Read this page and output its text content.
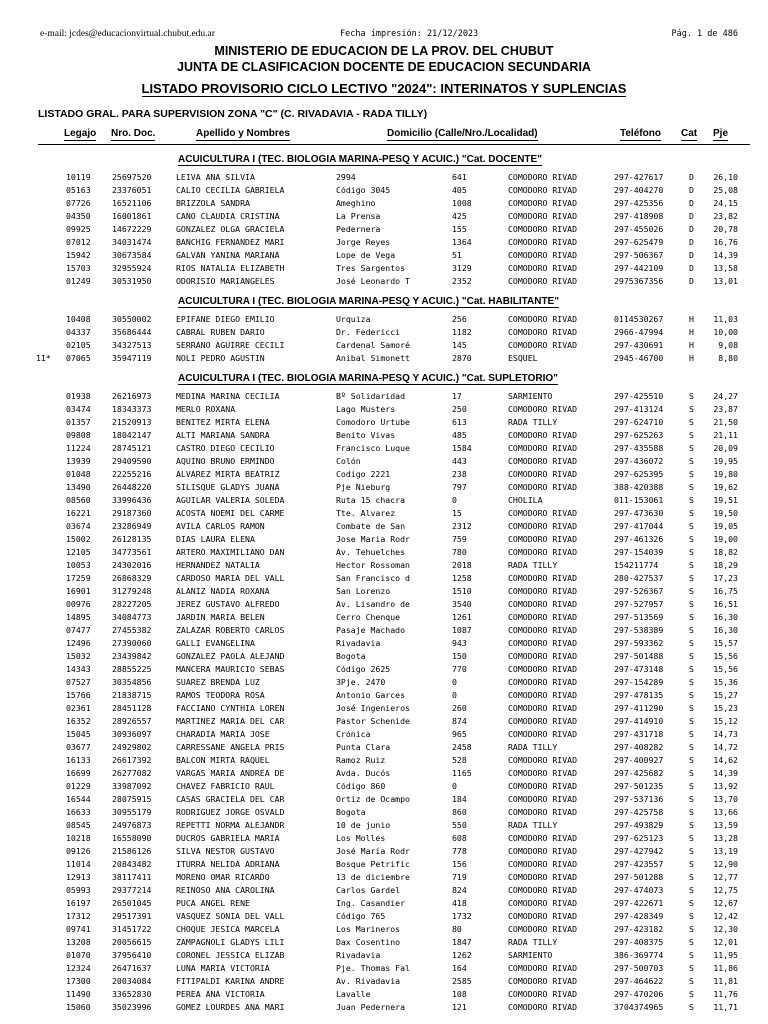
e-mail: jcdes@educacionvirtual.chubut.edu.ar	Fecha impresión: 21/12/2023	Pág. 1 de 486
MINISTERIO DE EDUCACION DE LA PROV. DEL CHUBUT
JUNTA DE CLASIFICACION DOCENTE DE EDUCACION SECUNDARIA
LISTADO PROVISORIO CICLO LECTIVO "2024": INTERINATOS Y SUPLENCIAS
LISTADO GRAL. PARA SUPERVISION ZONA "C" (C. RIVADAVIA - RADA TILLY)
Legajo Nro. Doc.	Apellido y Nombres	Domicilio (Calle/Nro./Localidad)	Teléfono Cat Pje
ACUICULTURA I (TEC. BIOLOGIA MARINA-PESQ Y ACUIC.) "Cat. DOCENTE"
10119	25697520	LEIVA ANA SILVIA	2994	641	COMODORO RIVAD	297-427617	D	26,10
05163	23376051	CALIO CECILIA GABRIELA	Código 3045	405	COMODORO RIVAD	297-404270	D	25,08
07726	16521106	BRIZZOLA SANDRA	Ameghino	1008	COMODORO RIVAD	297-425356	D	24,15
04350	16001861	CANO CLAUDIA CRISTINA	La Prensa	425	COMODORO RIVAD	297-418908	D	23,82
09925	14672229	GONZALEZ OLGA GRACIELA	Pedernera	155	COMODORO RIVAD	297-455026	D	20,78
07012	34031474	BANCHIG FERNANDEZ MARI	Jorge Reyes	1364	COMODORO RIVAD	297-625479	D	16,76
15942	30673584	GALVAN YANINA MARIANA	Lope de Vega	51	COMODORO RIVAD	297-506367	D	14,39
15703	32955924	RIOS NATALIA ELIZABETH	Tres Sargentos	3129	COMODORO RIVAD	297-442109	D	13,58
01249	30531950	ODORISIO MARIANGELES	José Leonardo T	2352	COMODORO RIVAD	2975367356	D	13,01
ACUICULTURA I (TEC. BIOLOGIA MARINA-PESQ Y ACUIC.) "Cat. HABILITANTE"
10408	30550002	EPIFANE DIEGO EMILIO	Urquiza	256	COMODORO RIVAD	0114530267	H	11,03
04337	35686444	CABRAL RUBEN DARIO	Dr. Federicci	1182	COMODORO RIVAD	2966-47994	H	10,00
02105	34327513	SERRANO AGUIRRE CECILI	Cardenal Samoré	145	COMODORO RIVAD	297-430691	H	9,08
11* 07065	35947119	NOLI PEDRO AGUSTIN	Anibal Simonett	2870	ESQUEL	2945-46700	H	8,80
ACUICULTURA I (TEC. BIOLOGIA MARINA-PESQ Y ACUIC.) "Cat. SUPLETORIO"
01938	26216973	MEDINA MARINA CECILIA	Bº Solidaridad	17	SARMIENTO	297-425510	S	24,27
03474	18343373	MERLO ROXANA	Lago Musters	250	COMODORO RIVAD	297-413124	S	23,87
01357	21520913	BENITEZ MIRTA ELENA	Comodoro Urtube	613	RADA TILLY	297-624710	S	21,50
09808	18042147	ALTI MARIANA SANDRA	Benito Vivas	485	COMODORO RIVAD	297-625263	S	21,11
11224	28745121	CASTRO DIEGO CECILIO	Francisco Luque	1584	COMODORO RIVAD	297-435588	S	20,09
13939	29409590	AQUINO BRUNO ERMINDO	Colón	443	COMODORO RIVAD	297-436072	S	19,95
01048	22255216	ALVAREZ MIRTA BEATRIZ	Codigo 2221	238	COMODORO RIVAD	297-625395	S	19,80
13490	26448220	SILISQUE GLADYS JUANA	Pje Nieburg	797	COMODORO RIVAD	388-420388	S	19,62
08560	33996436	AGUILAR VALERIA SOLEDA	Ruta 15 chacra	0	CHOLILA	011-153061	S	19,51
16221	29187360	ACOSTA NOEMI DEL CARME	Tte. Alvarez	15	COMODORO RIVAD	297-473630	S	19,50
03674	23286949	AVILA CARLOS RAMON	Combate de San	2312	COMODORO RIVAD	297-417044	S	19,05
15002	26128135	DIAS LAURA ELENA	Jose Maria Rodr	759	COMODORO RIVAD	297-461326	S	19,00
12105	34773561	ARTERO MAXIMILIANO DAN	Av. Tehuelches	780	COMODORO RIVAD	297-154039	S	18,82
10053	24302016	HERNANDEZ NATALIA	Hector Rossoman	2018	RADA TILLY	154211774	S	18,29
17259	26868329	CARDOSO MARIA DEL VALL	San Francisco d	1258	COMODORO RIVAD	280-427537	S	17,23
16901	31279248	ALANIZ NADIA ROXANA	San Lorenzo	1510	COMODORO RIVAD	297-526367	S	16,75
00976	28227205	JEREZ GUSTAVO ALFREDO	Av. Lisandro de	3540	COMODORO RIVAD	297-527957	S	16,51
14895	34084773	JARDIN MARIA BELEN	Cerro Chenque	1261	COMODORO RIVAD	297-513569	S	16,30
07477	27455382	ZALAZAR ROBERTO CARLOS	Pasaje Machado	1087	COMODORO RIVAD	297-538389	S	16,30
12496	27390060	GALLI EVANGELINA	Rivadavia	943	COMODORO RIVAD	297-593362	S	15,57
15032	23439842	GONZALEZ PAOLA ALEJAND	Bogota	150	COMODORO RIVAD	297-501488	S	15,56
14343	28855225	MANCERA MAURICIO SEBAS	Código 2625	770	COMODORO RIVAD	297-473148	S	15,56
07527	30354856	SUAREZ BRENDA LUZ	3Pje. 2470	0	COMODORO RIVAD	297-154289	S	15,36
15766	21838715	RAMOS TEODORA ROSA	Antonio Garces	0	COMODORO RIVAD	297-478135	S	15,27
02361	28451128	FACCIANO CYNTHIA LOREN	José Ingenieros	260	COMODORO RIVAD	297-411290	S	15,23
16352	28926557	MARTINEZ MARIA DEL CAR	Pastor Schenide	874	COMODORO RIVAD	297-414910	S	15,12
15045	30936097	CHARADIA MARIA JOSE	Crónica	965	COMODORO RIVAD	297-431718	S	14,73
03677	24929802	CARRESSANE ANGELA PRIS	Punta Clara	2458	RADA TILLY	297-408282	S	14,72
16133	26617392	BALCON MIRTA RAQUEL	Ramoz Ruiz	528	COMODORO RIVAD	297-400927	S	14,62
16699	26277082	VARGAS MARIA ANDREA DE	Avda. Ducós	1165	COMODORO RIVAD	297-425682	S	14,39
01229	33987092	CHAVEZ FABRICIO RAUL	Código 860	0	COMODORO RIVAD	297-501235	S	13,92
16544	28075915	CASAS GRACIELA DEL CAR	Ortiz de Ocampo	184	COMODORO RIVAD	297-537136	S	13,70
16633	30955179	RODRIGUEZ JORGE OSVALD	Bogota	860	COMODORO RIVAD	297-425758	S	13,66
08545	24976873	REPETTI NORMA ALEJANDR	10 de junio	550	RADA TILLY	297-493829	S	13,59
10218	16558090	DUCROS GABRIELA MARIA	Los Molles	608	COMODORO RIVAD	297-625123	S	13,28
09126	21586126	SILVA NESTOR GUSTAVO	José María Rodr	778	COMODORO RIVAD	297-427942	S	13,19
11014	20843482	ITURRA NELIDA ADRIANA	Bosque Petrific	156	COMODORO RIVAD	297-423557	S	12,90
12913	38117411	MORENO OMAR RICARDO	13 de diciembre	719	COMODORO RIVAD	297-501288	S	12,77
05993	29377214	REINOSO ANA CAROLINA	Carlos Gardel	824	COMODORO RIVAD	297-474073	S	12,75
16197	26501045	PUCA ANGEL RENE	Ing. Casandier	418	COMODORO RIVAD	297-422671	S	12,67
17312	29517391	VASQUEZ SONIA DEL VALL	Código 765	1732	COMODORO RIVAD	297-428349	S	12,42
09741	31451722	CHOQUE JESICA MARCELA	Los Marineros	80	COMODORO RIVAD	297-423182	S	12,30
13208	20056615	ZAMPAGNOLI GLADYS LILI	Dax Cosentino	1847	RADA TILLY	297-408375	S	12,01
01070	37956410	CORONEL JESSICA ELIZAB	Rivadavia	1262	SARMIENTO	386-369774	S	11,95
12324	26471637	LUNA MARIA VICTORIA	Pje. Thomas Fal	164	COMODORO RIVAD	297-500703	S	11,86
17300	20034084	FITIPALDI KARINA ANDRE	Av. Rivadavia	2585	COMODORO RIVAD	297-464622	S	11,81
11490	33652830	PEREA ANA VICTORIA	Lavalle	108	COMODORO RIVAD	297-470206	S	11,76
15060	35023996	GOMEZ LOURDES ANA MARI	Juan Pedernera	121	COMODORO RIVAD	3704374965	S	11,71
